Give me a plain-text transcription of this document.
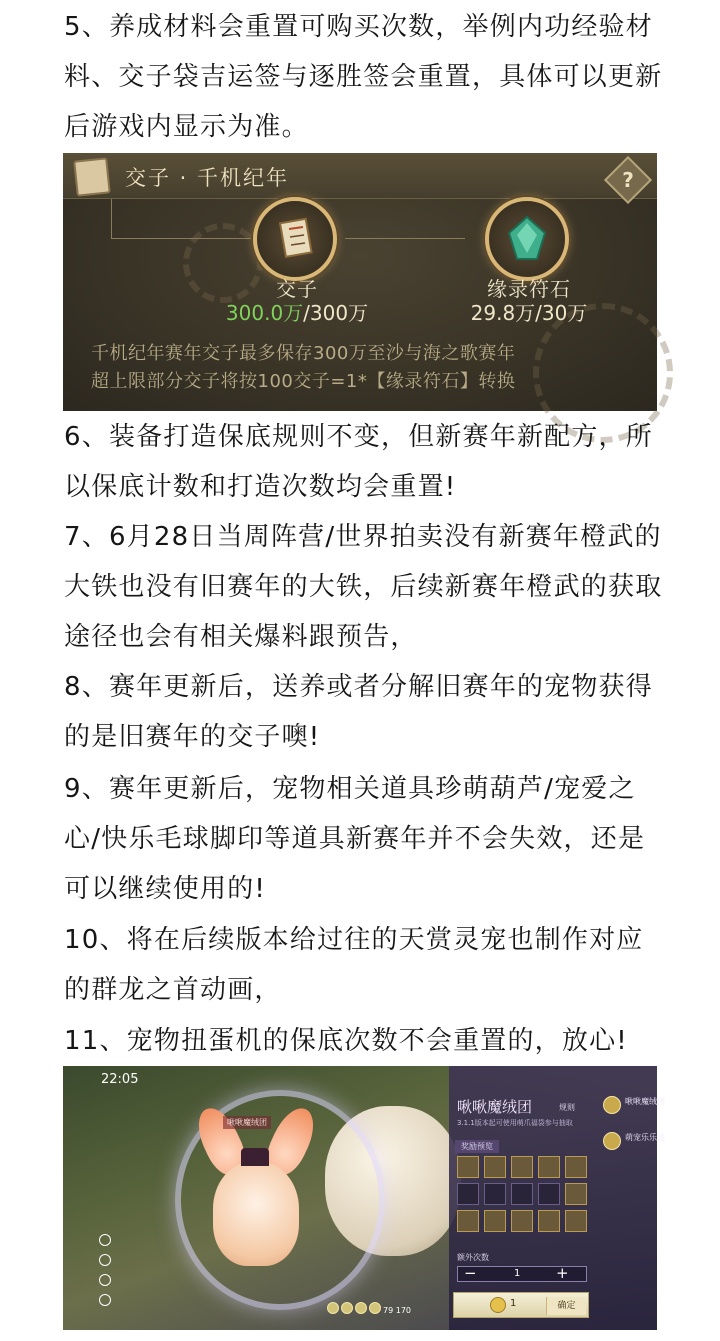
5、养成材料会重置可购买次数，举例内功经验材
料、交子袋吉运签与逐胜签会重置，具体可以更新
后游戏内显示为准。
交子 · 千机纪年	?
交子
300.0万/300万
缘录符石
29.8万/30万
千机纪年赛年交子最多保存300万至沙与海之歌赛年
超上限部分交子将按100交子=1*【缘录符石】转换
6、装备打造保底规则不变，但新赛年新配方，所
以保底计数和打造次数均会重置!
7、6月28日当周阵营/世界拍卖没有新赛年橙武的
大铁也没有旧赛年的大铁，后续新赛年橙武的获取
途径也会有相关爆料跟预告，
8、赛年更新后，送养或者分解旧赛年的宠物获得
的是旧赛年的交子噢!
9、赛年更新后，宠物相关道具珍萌葫芦/宠爱之
心/快乐毛球脚印等道具新赛年并不会失效，还是
可以继续使用的!
10、将在后续版本给过往的天赏灵宠也制作对应
的群龙之首动画，
11、宠物扭蛋机的保底次数不会重置的，放心!
啾啾魔绒团
22:05
79 170
啾啾魔绒团
3.1.1版本起可使用萌爪福袋参与抽取
规则
奖励预览
额外次数
−	1 +
啾啾魔绒团
萌宠乐乐池
1	确定
